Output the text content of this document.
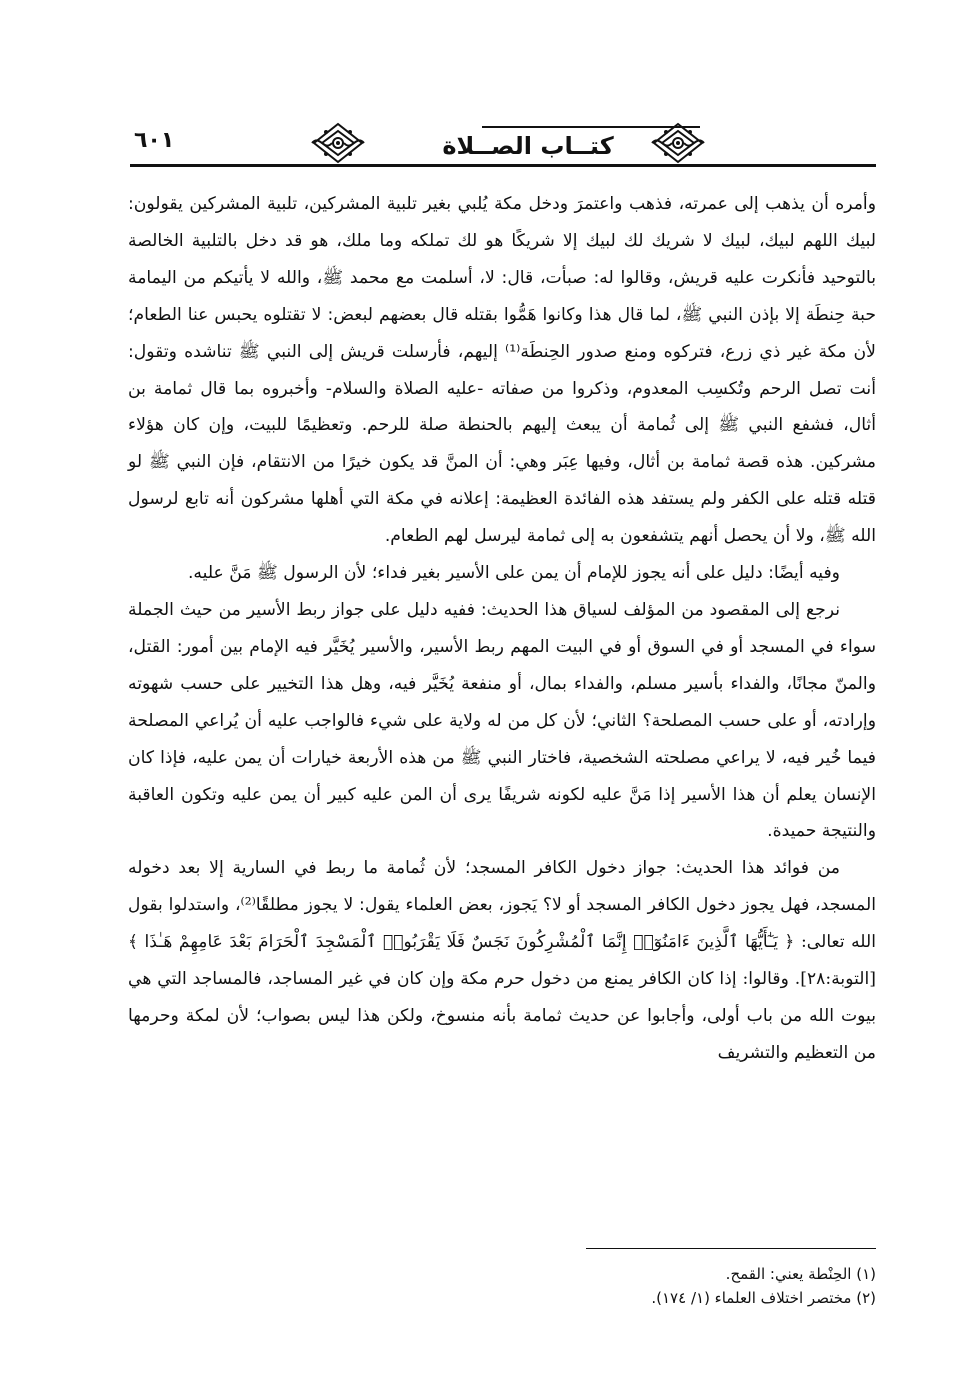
٦٠١	كتــاب الصــلاة

وأمره أن يذهب إلى عمرته، فذهب واعتمرَ ودخل مكة يُلبي بغير تلبية المشركين، تلبية المشركين يقولون: لبيك اللهم لبيك، لبيك لا شريك لك لبيك إلا شريكًا هو لك تملكه وما ملك، هو قد دخل بالتلبية الخالصة بالتوحيد فأنكرت عليه قريش، وقالوا له: صبأت، قال: لا، أسلمت مع محمد ﷺ، والله لا يأتيكم من اليمامة حبة حِنطَة إلا بإذن النبي ﷺ، لما قال هذا وكانوا هَمُّوا بقتله قال بعضهم لبعض: لا تقتلوه يحبس عنا الطعام؛ لأن مكة غير ذي زرع، فتركوه ومنع صدور الحِنطَة⁽¹⁾ إليهم، فأرسلت قريش إلى النبي ﷺ تناشده وتقول: أنت تصل الرحم وتُكسِب المعدوم، وذكروا من صفاته -عليه الصلاة والسلام- وأخبروه بما قال ثمامة بن أثال، فشفع النبي ﷺ إلى ثُمامة أن يبعث إليهم بالحنطة صلة للرحم. وتعظيمًا للبيت، وإن كان هؤلاء مشركين. هذه قصة ثمامة بن أثال، وفيها عِبَر وهي: أن المنَّ قد يكون خيرًا من الانتقام، فإن النبي ﷺ لو قتله قتله على الكفر ولم يستفد هذه الفائدة العظيمة: إعلانه في مكة التي أهلها مشركون أنه تابع لرسول الله ﷺ، ولا أن يحصل أنهم يتشفعون به إلى ثمامة ليرسل لهم الطعام.

وفيه أيضًا: دليل على أنه يجوز للإمام أن يمن على الأسير بغير فداء؛ لأن الرسول ﷺ مَنَّ عليه.

نرجع إلى المقصود من المؤلف لسياق هذا الحديث: ففيه دليل على جواز ربط الأسير من حيث الجملة سواء في المسجد أو في السوق أو في البيت المهم ربط الأسير، والأسير يُخَيَّر فيه الإمام بين أمور: القتل، والمنّ مجانًا، والفداء بأسير مسلم، والفداء بمال، أو منفعة يُخَيَّر فيه، وهل هذا التخيير على حسب شهوته وإرادته، أو على حسب المصلحة؟ الثاني؛ لأن كل من له ولاية على شيء فالواجب عليه أن يُراعي المصلحة فيما خُير فيه، لا يراعي مصلحته الشخصية، فاختار النبي ﷺ من هذه الأربعة خيارات أن يمن عليه، فإذا كان الإنسان يعلم أن هذا الأسير إذا مَنَّ عليه لكونه شريفًا يرى أن المن عليه كبير أن يمن عليه وتكون العاقبة والنتيجة حميدة.

من فوائد هذا الحديث: جواز دخول الكافر المسجد؛ لأن ثُمامة ما ربط في السارية إلا بعد دخوله المسجد، فهل يجوز دخول الكافر المسجد أو لا؟ يَجوز، بعض العلماء يقول: لا يجوز مطلقًا⁽²⁾، واستدلوا بقول الله تعالى: ﴿ يَـٰٓأَيُّهَا ٱلَّذِينَ ءَامَنُوٓا۟ إِنَّمَا ٱلْمُشْرِكُونَ نَجَسٌ فَلَا يَقْرَبُوا۟ ٱلْمَسْجِدَ ٱلْحَرَامَ بَعْدَ عَامِهِمْ هَـٰذَا ﴾ [التوبة:٢٨]. وقالوا: إذا كان الكافر يمنع من دخول حرم مكة وإن كان في غير المساجد، فالمساجد التي هي بيوت الله من باب أولى، وأجابوا عن حديث ثمامة بأنه منسوخ، ولكن هذا ليس بصواب؛ لأن لمكة وحرمها من التعظيم والتشريف

(١) الحِنْطة يعني: القمح.
(٢) مختصر اختلاف العلماء (١/ ١٧٤).
